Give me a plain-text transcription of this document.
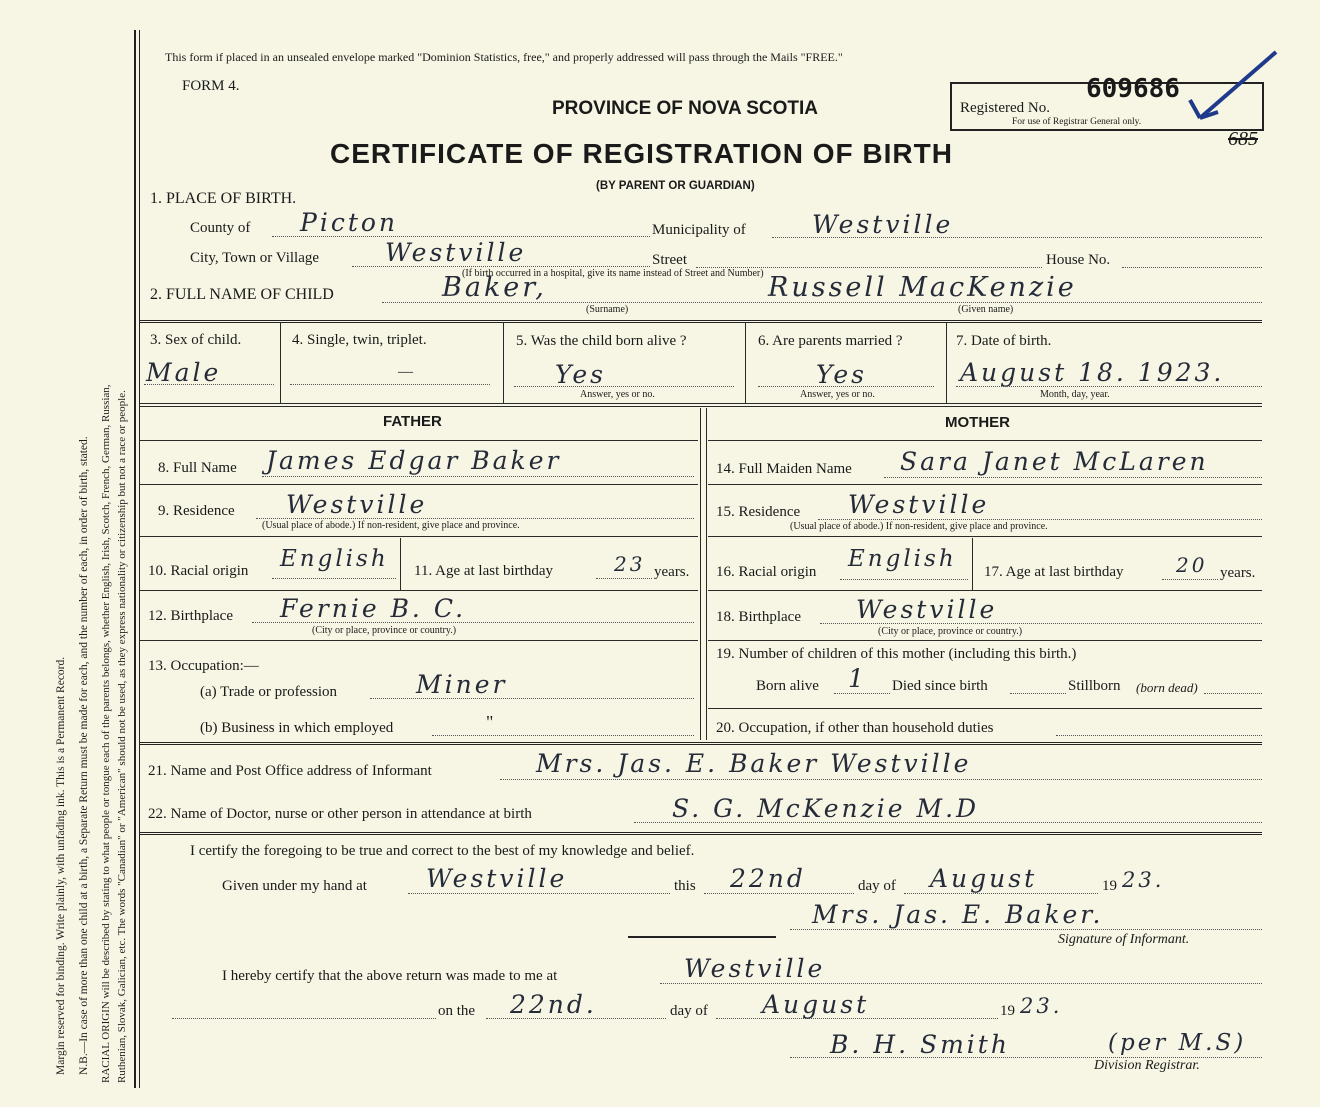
Margin reserved for binding. Write plainly, with unfading ink. This is a Permanent Record. N.B.—In case of more than one child at a birth, a Separate Return must be made for each, and the number of each, in order of birth, stated. RACIAL ORIGIN will be described by stating to what people or tongue each of the parents belongs, whether English, Irish, Scotch, French, German, Russian, Ruthenian, Slovak, Galician, etc. The words "Canadian" or "American" should not be used, as they express nationality or citizenship but not a race or people.
This form if placed in an unsealed envelope marked "Dominion Statistics, free," and properly addressed will pass through the Mails "FREE."
FORM 4.
PROVINCE OF NOVA SCOTIA
CERTIFICATE OF REGISTRATION OF BIRTH
(BY PARENT OR GUARDIAN)
Registered No.
609686
For use of Registrar General only.
685
1. PLACE OF BIRTH.
County of Picton	Municipality of	Westville
City, Town or Village	Westville	Street	House No.
(If birth occurred in a hospital, give its name instead of Street and Number)
2. FULL NAME OF CHILD	Baker,
(Surname)
Russell MacKenzie
(Given name)
3. Sex of child.
Male
4. Single, twin, triplet.
—
5. Was the child born alive ?
Yes
Answer, yes or no.
6. Are parents married ?
Yes
Answer, yes or no.
7. Date of birth.
August 18. 1923.
Month, day, year.
FATHER	MOTHER
8. Full Name James Edgar Baker
9. Residence Westville
(Usual place of abode.) If non-resident, give place and province.
10. Racial origin English 11. Age at last birthday	23 years.
12. Birthplace Fernie B. C.
(City or place, province or country.)
13. Occupation:—
(a) Trade or profession	Miner
(b) Business in which employed	"
14. Full Maiden Name Sara Janet McLaren
15. Residence Westville
(Usual place of abode.) If non-resident, give place and province.
16. Racial origin English 17. Age at last birthday	20 years.
18. Birthplace Westville
(City or place, province or country.)
19. Number of children of this mother (including this birth.)
Born alive 1 Died since birth	Stillborn (born dead)
20. Occupation, if other than household duties
21. Name and Post Office address of Informant	Mrs. Jas. E. Baker Westville
22. Name of Doctor, nurse or other person in attendance at birth	S. G. McKenzie M.D
I certify the foregoing to be true and correct to the best of my knowledge and belief.
Given under my hand at Westville	this 22nd	day of August	19 23.
Mrs. Jas. E. Baker.
Signature of Informant.
I hereby certify that the above return was made to me at	Westville
on the 22nd.	day of August	19 23.
B. H. Smith	(per M.S)
Division Registrar.
